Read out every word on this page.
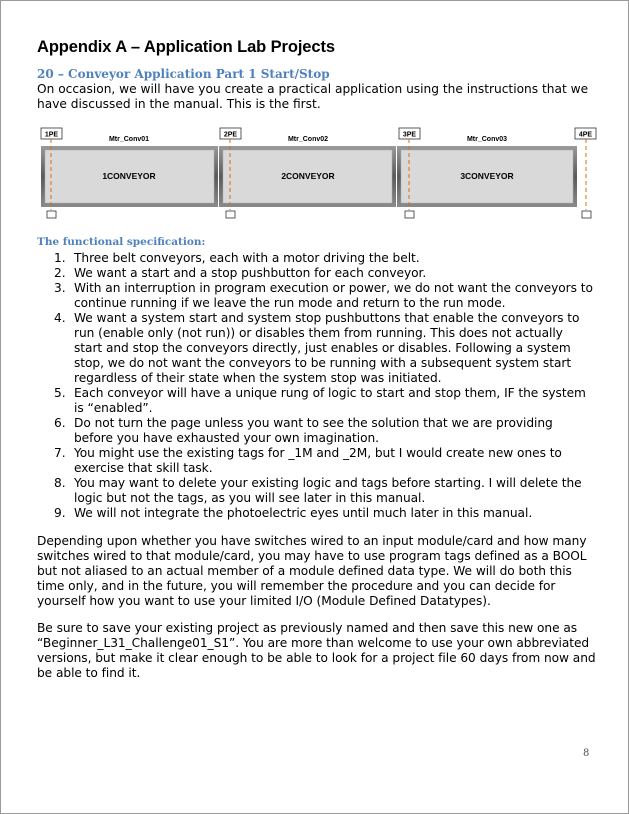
Appendix A – Application Lab Projects
20 – Conveyor Application Part 1 Start/Stop

On occasion, we will have you create a practical application using the instructions that we have discussed in the manual. This is the first.

Mtr_Conv01
1CONVEYOR
Mtr_Conv02
2CONVEYOR
Mtr_Conv03
3CONVEYOR
1PE	2PE	3PE	4PE
The functional specification:
1. Three belt conveyors, each with a motor driving the belt.
2. We want a start and a stop pushbutton for each conveyor.
3. With an interruption in program execution or power, we do not want the conveyors to continue running if we leave the run mode and return to the run mode.
4. We want a system start and system stop pushbuttons that enable the conveyors to run (enable only (not run)) or disables them from running. This does not actually start and stop the conveyors directly, just enables or disables. Following a system stop, we do not want the conveyors to be running with a subsequent system start regardless of their state when the system stop was initiated.
5. Each conveyor will have a unique rung of logic to start and stop them, IF the system is “enabled”.
6. Do not turn the page unless you want to see the solution that we are providing before you have exhausted your own imagination.
7. You might use the existing tags for _1M and _2M, but I would create new ones to exercise that skill task.
8. You may want to delete your existing logic and tags before starting. I will delete the logic but not the tags, as you will see later in this manual.
9. We will not integrate the photoelectric eyes until much later in this manual.

Depending upon whether you have switches wired to an input module/card and how many switches wired to that module/card, you may have to use program tags defined as a BOOL but not aliased to an actual member of a module defined data type. We will do both this time only, and in the future, you will remember the procedure and you can decide for yourself how you want to use your limited I/O (Module Defined Datatypes).

Be sure to save your existing project as previously named and then save this new one as “Beginner_L31_Challenge01_S1”. You are more than welcome to use your own abbreviated versions, but make it clear enough to be able to look for a project file 60 days from now and be able to find it.

8
